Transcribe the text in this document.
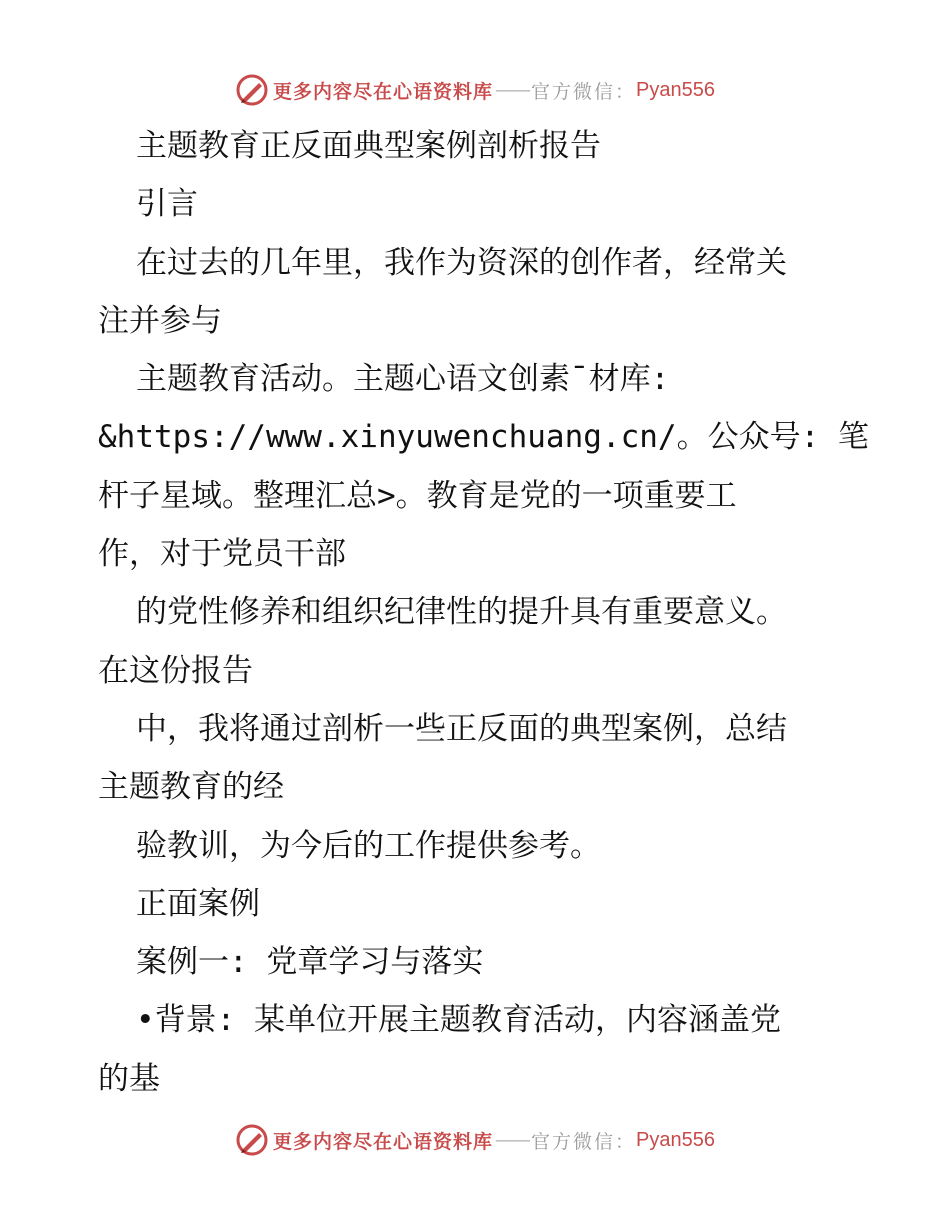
更多内容尽在心语资料库 —— 官方微信： Pyan556
主题教育正反面典型案例剖析报告
引言
在过去的几年里，我作为资深的创作者，经常关
注并参与
主题教育活动。主题心语文创素¯材库:
&https://www.xinyuwenchuang.cn/。公众号: 笔
杆子星域。整理汇总>。教育是党的一项重要工
作，对于党员干部
的党性修养和组织纪律性的提升具有重要意义。
在这份报告
中，我将通过剖析一些正反面的典型案例，总结
主题教育的经
验教训，为今后的工作提供参考。
正面案例
案例一: 党章学习与落实
•背景: 某单位开展主题教育活动，内容涵盖党
的基
更多内容尽在心语资料库 —— 官方微信： Pyan556
